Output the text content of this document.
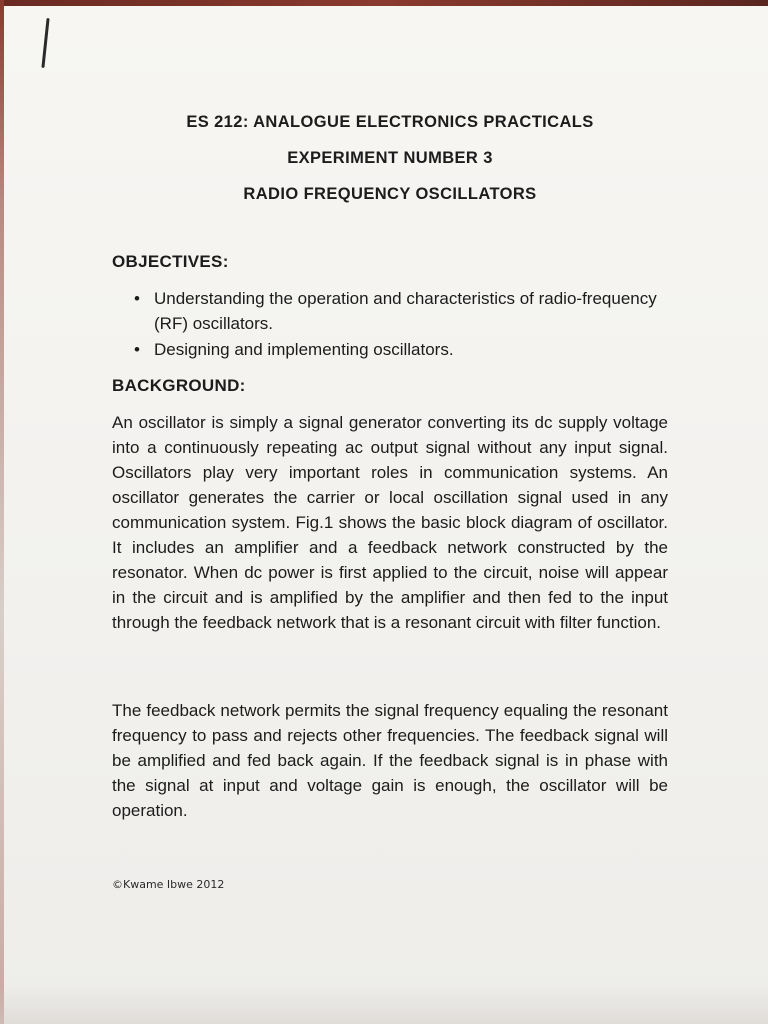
ES 212: ANALOGUE ELECTRONICS PRACTICALS
EXPERIMENT NUMBER 3
RADIO FREQUENCY OSCILLATORS
OBJECTIVES:
• Understanding the operation and characteristics of radio-frequency (RF) oscillators.
• Designing and implementing oscillators.
BACKGROUND:

An oscillator is simply a signal generator converting its dc supply voltage into a continuously repeating ac output signal without any input signal. Oscillators play very important roles in communication systems. An oscillator generates the carrier or local oscillation signal used in any communication system. Fig.1 shows the basic block diagram of oscillator. It includes an amplifier and a feedback network constructed by the resonator. When dc power is first applied to the circuit, noise will appear in the circuit and is amplified by the amplifier and then fed to the input through the feedback network that is a resonant circuit with filter function.

The feedback network permits the signal frequency equaling the resonant frequency to pass and rejects other frequencies. The feedback signal will be amplified and fed back again. If the feedback signal is in phase with the signal at input and voltage gain is enough, the oscillator will be operation.

©Kwame Ibwe 2012
